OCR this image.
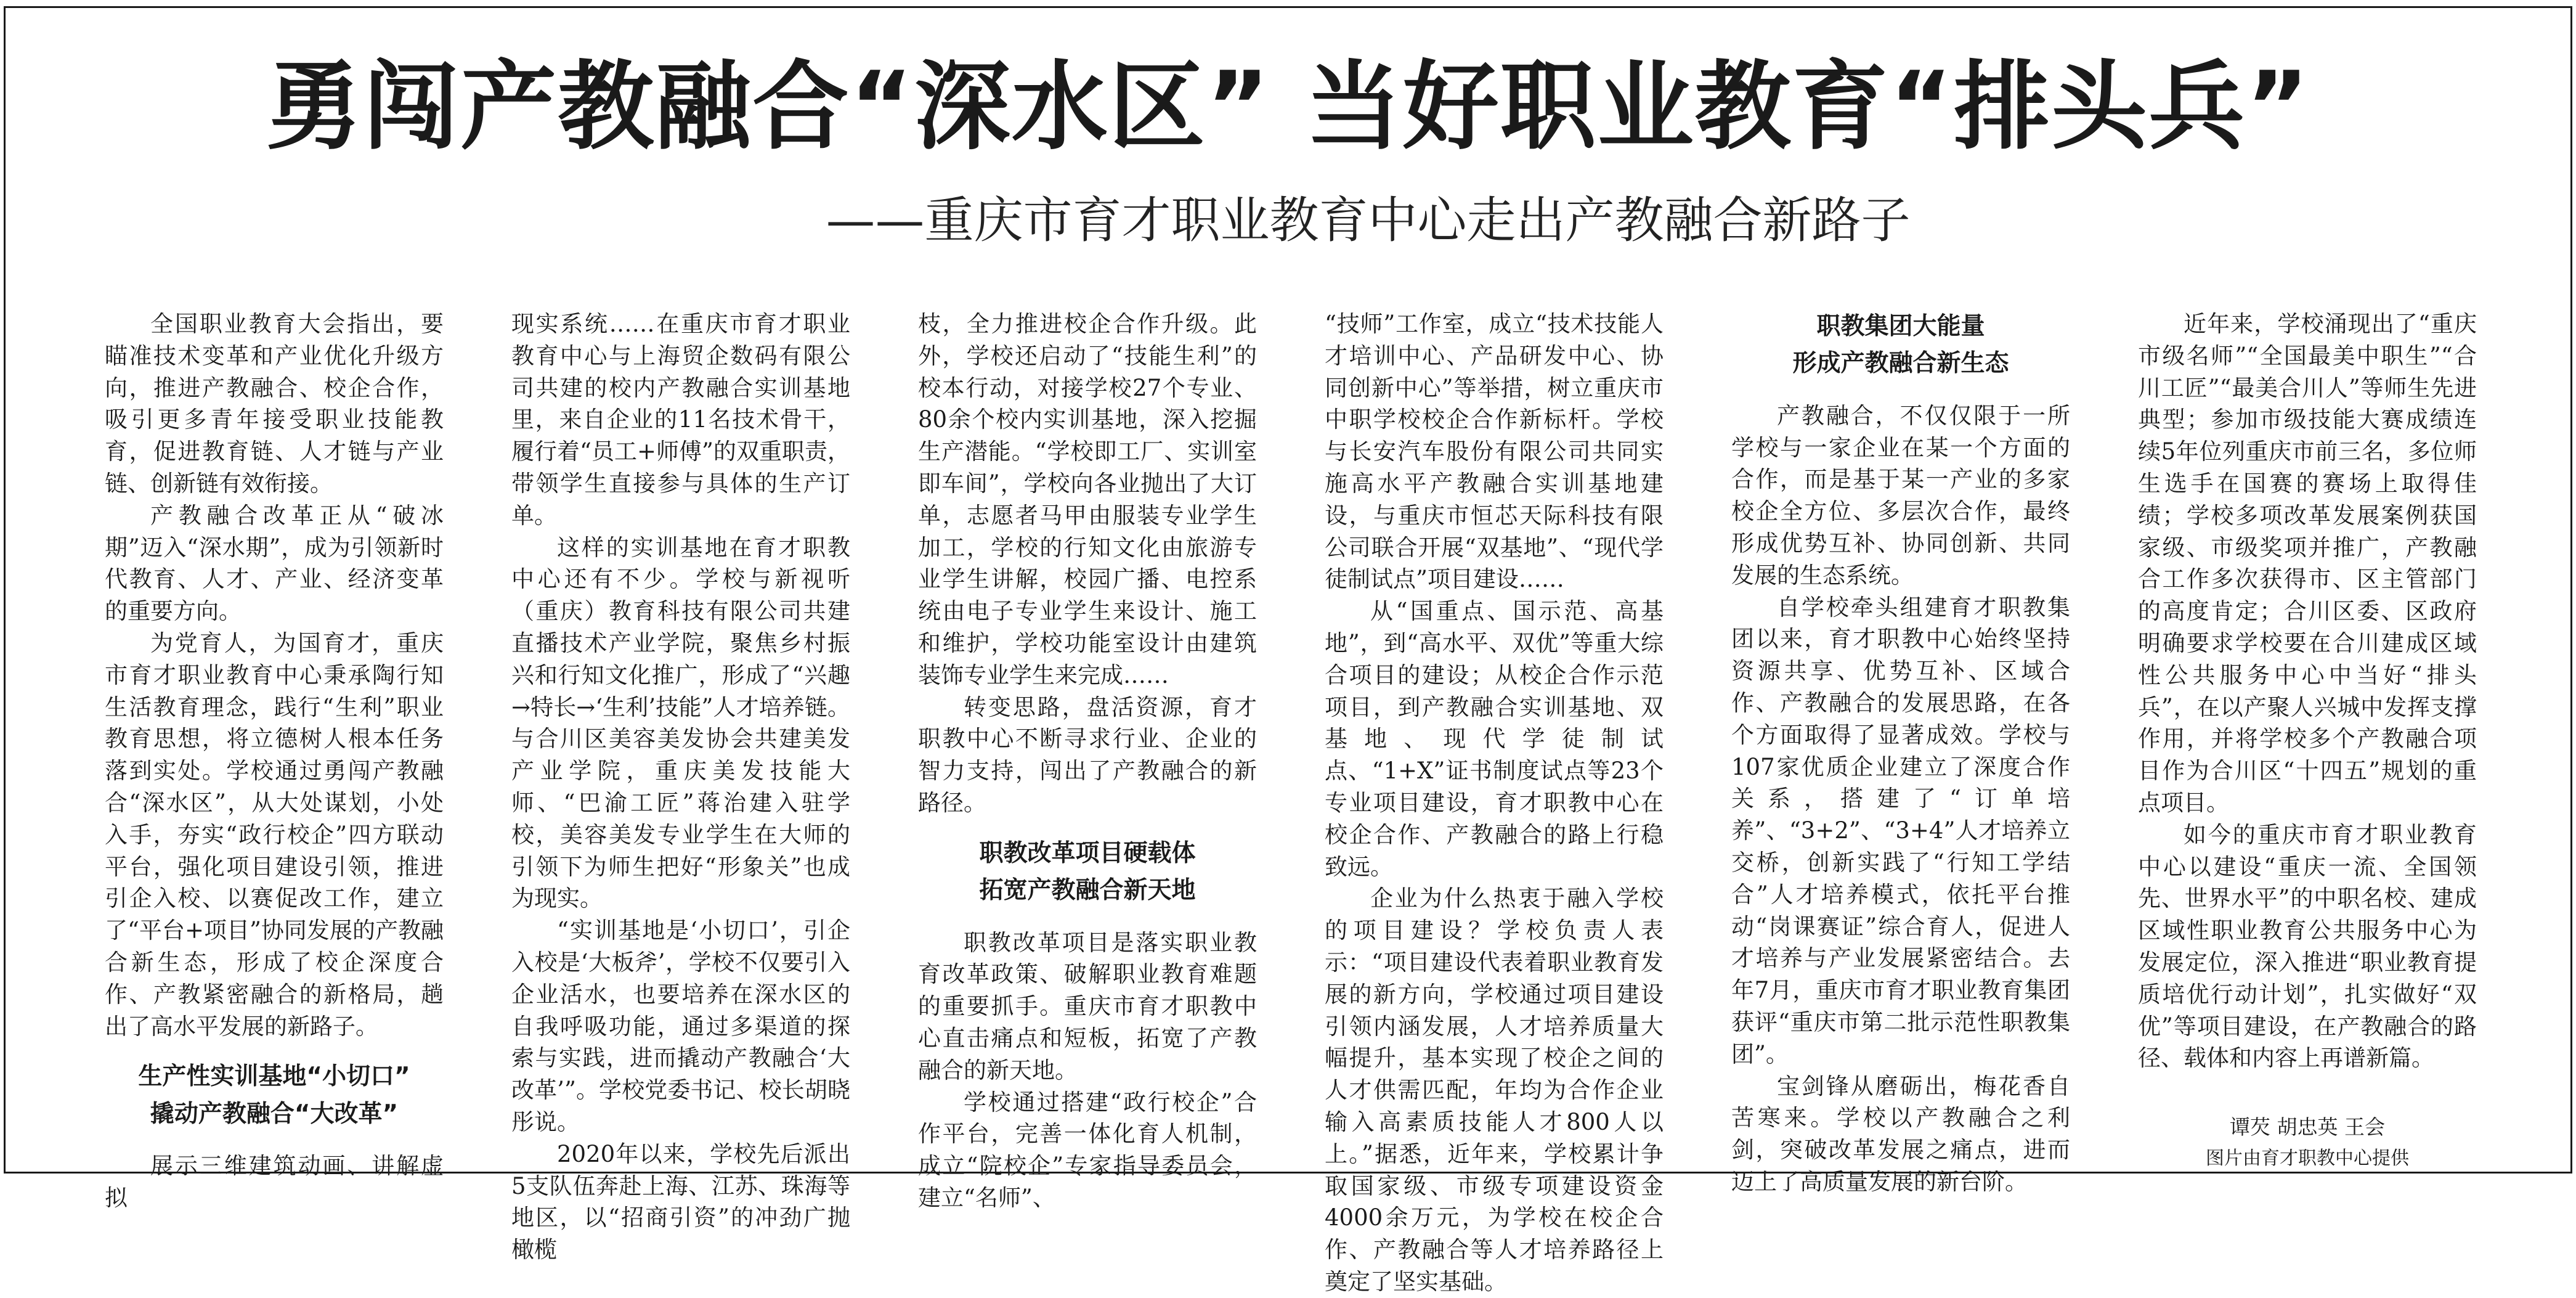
勇闯产教融合“深水区” 当好职业教育“排头兵”
——重庆市育才职业教育中心走出产教融合新路子

全国职业教育大会指出，要瞄准技术变革和产业优化升级方向，推进产教融合、校企合作，吸引更多青年接受职业技能教育，促进教育链、人才链与产业链、创新链有效衔接。

产教融合改革正从“破冰期”迈入“深水期”，成为引领新时代教育、人才、产业、经济变革的重要方向。

为党育人，为国育才，重庆市育才职业教育中心秉承陶行知生活教育理念，践行“生利”职业教育思想，将立德树人根本任务落到实处。学校通过勇闯产教融合“深水区”，从大处谋划，小处入手，夯实“政行校企”四方联动平台，强化项目建设引领，推进引企入校、以赛促改工作，建立了“平台+项目”协同发展的产教融合新生态，形成了校企深度合作、产教紧密融合的新格局，趟出了高水平发展的新路子。

生产性实训基地“小切口”
撬动产教融合“大改革”

展示三维建筑动画、讲解虚拟

现实系统……在重庆市育才职业教育中心与上海贸企数码有限公司共建的校内产教融合实训基地里，来自企业的11名技术骨干，履行着“员工+师傅”的双重职责，带领学生直接参与具体的生产订单。

这样的实训基地在育才职教中心还有不少。学校与新视听（重庆）教育科技有限公司共建直播技术产业学院，聚焦乡村振兴和行知文化推广，形成了“兴趣→特长→‘生利’技能”人才培养链。与合川区美容美发协会共建美发产业学院，重庆美发技能大师、“巴渝工匠”蒋治建入驻学校，美容美发专业学生在大师的引领下为师生把好“形象关”也成为现实。

“实训基地是‘小切口’，引企入校是‘大板斧’，学校不仅要引入企业活水，也要培养在深水区的自我呼吸功能，通过多渠道的探索与实践，进而撬动产教融合‘大改革’”。学校党委书记、校长胡晓彤说。

2020年以来，学校先后派出5支队伍奔赴上海、江苏、珠海等地区，以“招商引资”的冲劲广抛橄榄

枝，全力推进校企合作升级。此外，学校还启动了“技能生利”的校本行动，对接学校27个专业、80余个校内实训基地，深入挖掘生产潜能。“学校即工厂、实训室即车间”，学校向各业抛出了大订单，志愿者马甲由服装专业学生加工，学校的行知文化由旅游专业学生讲解，校园广播、电控系统由电子专业学生来设计、施工和维护，学校功能室设计由建筑装饰专业学生来完成……

转变思路，盘活资源，育才职教中心不断寻求行业、企业的智力支持，闯出了产教融合的新路径。

职教改革项目硬载体
拓宽产教融合新天地

职教改革项目是落实职业教育改革政策、破解职业教育难题的重要抓手。重庆市育才职教中心直击痛点和短板，拓宽了产教融合的新天地。

学校通过搭建“政行校企”合作平台，完善一体化育人机制，成立“院校企”专家指导委员会，建立“名师”、

“技师”工作室，成立“技术技能人才培训中心、产品研发中心、协同创新中心”等举措，树立重庆市中职学校校企合作新标杆。学校与长安汽车股份有限公司共同实施高水平产教融合实训基地建设，与重庆市恒芯天际科技有限公司联合开展“双基地”、“现代学徒制试点”项目建设……

从“国重点、国示范、高基地”，到“高水平、双优”等重大综合项目的建设；从校企合作示范项目，到产教融合实训基地、双基地、现代学徒制试点、“1+X”证书制度试点等23个专业项目建设，育才职教中心在校企合作、产教融合的路上行稳致远。

企业为什么热衷于融入学校的项目建设？学校负责人表示：“项目建设代表着职业教育发展的新方向，学校通过项目建设引领内涵发展，人才培养质量大幅提升，基本实现了校企之间的人才供需匹配，年均为合作企业输入高素质技能人才800人以上。”据悉，近年来，学校累计争取国家级、市级专项建设资金4000余万元，为学校在校企合作、产教融合等人才培养路径上奠定了坚实基础。

职教集团大能量
形成产教融合新生态

产教融合，不仅仅限于一所学校与一家企业在某一个方面的合作，而是基于某一产业的多家校企全方位、多层次合作，最终形成优势互补、协同创新、共同发展的生态系统。

自学校牵头组建育才职教集团以来，育才职教中心始终坚持资源共享、优势互补、区域合作、产教融合的发展思路，在各个方面取得了显著成效。学校与107家优质企业建立了深度合作关系，搭建了“订单培养”、“3+2”、“3+4”人才培养立交桥，创新实践了“行知工学结合”人才培养模式，依托平台推动“岗课赛证”综合育人，促进人才培养与产业发展紧密结合。去年7月，重庆市育才职业教育集团获评“重庆市第二批示范性职教集团”。

宝剑锋从磨砺出，梅花香自苦寒来。学校以产教融合之利剑，突破改革发展之痛点，进而迈上了高质量发展的新台阶。

近年来，学校涌现出了“重庆市级名师”“全国最美中职生”“合川工匠”“最美合川人”等师生先进典型；参加市级技能大赛成绩连续5年位列重庆市前三名，多位师生选手在国赛的赛场上取得佳绩；学校多项改革发展案例获国家级、市级奖项并推广，产教融合工作多次获得市、区主管部门的高度肯定；合川区委、区政府明确要求学校要在合川建成区域性公共服务中心中当好“排头兵”，在以产聚人兴城中发挥支撑作用，并将学校多个产教融合项目作为合川区“十四五”规划的重点项目。

如今的重庆市育才职业教育中心以建设“重庆一流、全国领先、世界水平”的中职名校、建成区域性职业教育公共服务中心为发展定位，深入推进“职业教育提质培优行动计划”，扎实做好“双优”等项目建设，在产教融合的路径、载体和内容上再谱新篇。

谭芡 胡忠英 王会
图片由育才职教中心提供
